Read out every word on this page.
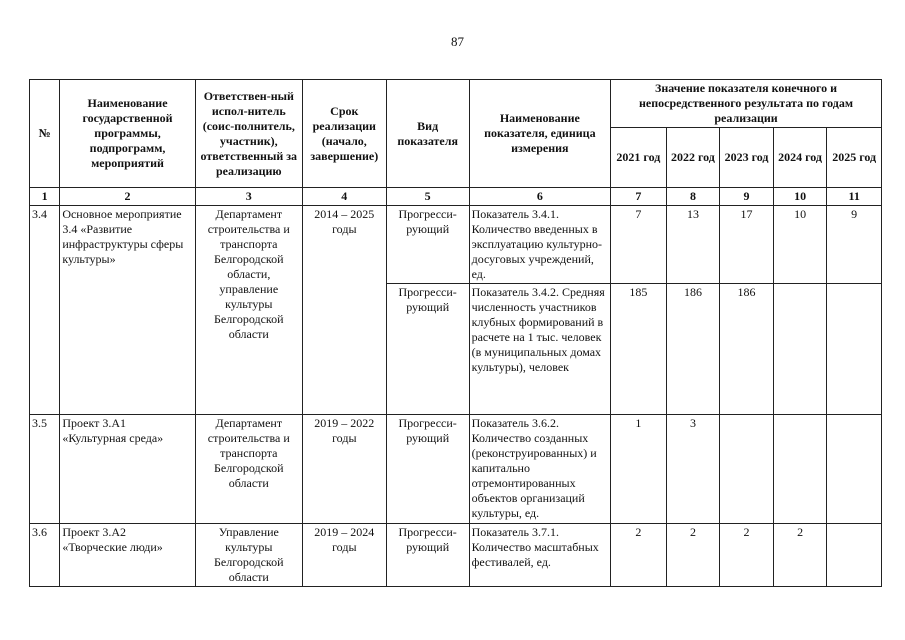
87
№	Наименование государственной программы, подпрограмм, мероприятий	Ответствен-ный испол-нитель (соис-полнитель, участник), ответственный за реализацию	Срок реализации (начало, завершение)	Вид показателя	Наименование показателя, единица измерения	Значение показателя конечного и непосредственного результата по годам реализации				
						2021 год	2022 год	2023 год	2024 год	2025 год
1	2	3	4	5	6	7	8	9	10	11
3.4	Основное мероприятие 3.4 «Развитие инфраструктуры сферы культуры»	Департамент строительства и транспорта Белгородской области, управление культуры Белгородской области	2014 – 2025 годы	Прогресси-рующий	Показатель 3.4.1. Количество введенных в эксплуатацию культурно-досуговых учреждений, ед.	7	13	17	10	9
				Прогресси-рующий	Показатель 3.4.2. Средняя численность участников клубных формирований в расчете на 1 тыс. человек (в муниципальных домах культуры), человек	185	186	186		
3.5	Проект 3.А1 «Культурная среда»	Департамент строительства и транспорта Белгородской области	2019 – 2022 годы	Прогресси-рующий	Показатель 3.6.2. Количество созданных (реконструированных) и капитально отремонтированных объектов организаций культуры, ед.	1	3			
3.6	Проект 3.А2 «Творческие люди»	Управление культуры Белгородской области	2019 – 2024 годы	Прогресси-рующий	Показатель 3.7.1. Количество масштабных фестивалей, ед.	2	2	2	2	
